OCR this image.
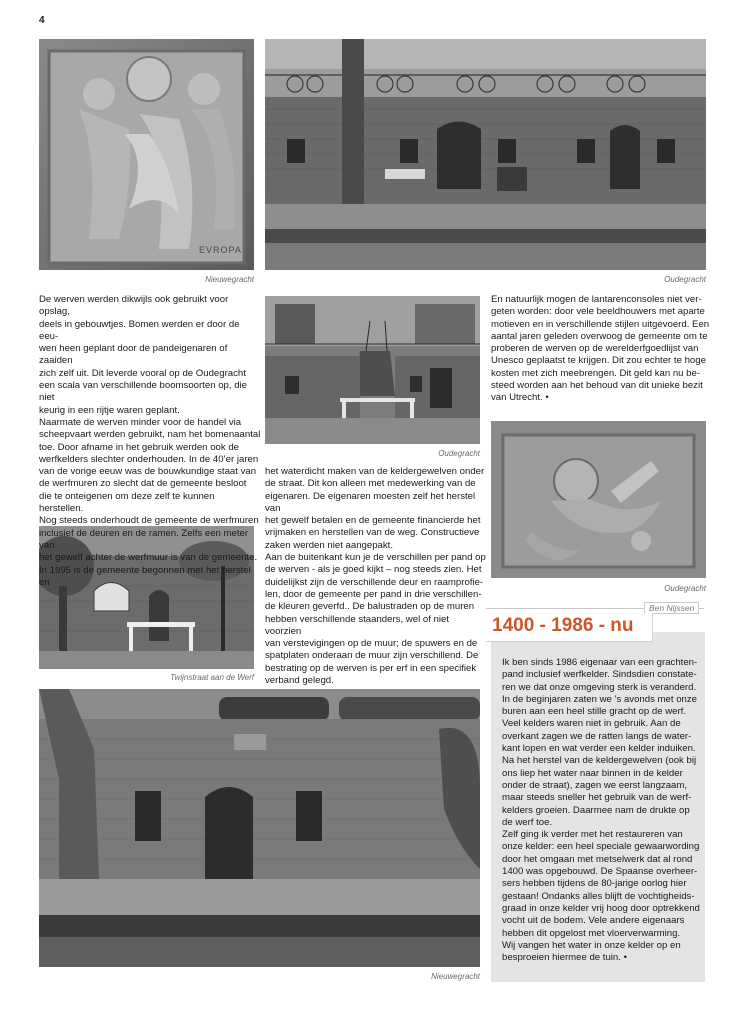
4
EVROPA
Nieuwegracht	Oudegracht
Oudegracht
Oudegracht
Twijnstraat aan de Werf
Nieuwegracht

De werven werden dikwijls ook gebruikt voor opslag,

deels in gebouwtjes. Bomen werden er door de eeu-

wen heen geplant door de pandeigenaren of zaaiden

zich zelf uit. Dit leverde vooral op de Oudegracht

een scala van verschillende boomsoorten op, die niet

keurig in een rijtje waren geplant.

Naarmate de werven minder voor de handel via

scheepvaart werden gebruikt, nam het bomenaantal

toe. Door afname in het gebruik werden ook de

werfkelders slechter onderhouden. In de 40’er jaren

van de vorige eeuw was de bouwkundige staat van

de werfmuren zo slecht dat de gemeente besloot

die te onteigenen om deze zelf te kunnen herstellen.

Nog steeds onderhoudt de gemeente de werfmuren

inclusief de deuren en de ramen. Zelfs een meter van

het gewelf achter de werfmuur is van de gemeente.

In 1995 is de gemeente begonnen met het herstel en

het waterdicht maken van de keldergewelven onder

de straat. Dit kon alleen met medewerking van de

eigenaren. De eigenaren moesten zelf het herstel van

het gewelf betalen en de gemeente financierde het

vrijmaken en herstellen van de weg. Constructieve

zaken werden niet aangepakt.

Aan de buitenkant kun je de verschillen per pand op

de werven - als je goed kijkt – nog steeds zien. Het

duidelijkst zijn de verschillende deur en raamprofie-

len, door de gemeente per pand in drie verschillen-

de kleuren geverfd.. De balustraden op de muren

hebben verschillende staanders, wel of niet voorzien

van verstevigingen op de muur; de spuwers en de

spatplaten onderaan de muur zijn verschillend. De

bestrating op de werven is per erf in een specifiek

verband gelegd.

En natuurlijk mogen de lantarenconsoles niet ver-

geten worden: door vele beeldhouwers met aparte

motieven en in verschillende stijlen uitgevoerd. Een

aantal jaren geleden overwoog de gemeente om te

proberen de werven op de werelderfgoedlijst van

Unesco geplaatst te krijgen. Dit zou echter te hoge

kosten met zich meebrengen. Dit geld kan nu be-

steed worden aan het behoud van dit unieke bezit

van Utrecht. •

Ben Nijssen
1400 - 1986 - nu

Ik ben sinds 1986 eigenaar van een grachten-

pand inclusief werfkelder. Sindsdien constate-

ren we dat onze omgeving sterk is veranderd.

In de beginjaren zaten we ’s avonds met onze

buren aan een heel stille gracht op de werf.

Veel kelders waren niet in gebruik. Aan de

overkant zagen we de ratten langs de water-

kant lopen en wat verder een kelder induiken.

Na het herstel van de keldergewelven (ook bij

ons liep het water naar binnen in de kelder

onder de straat), zagen we eerst langzaam,

maar steeds sneller het gebruik van de werf-

kelders groeien. Daarmee nam de drukte op

de werf toe.

Zelf ging ik verder met het restaureren van

onze kelder: een heel speciale gewaarwording

door het omgaan met metselwerk dat al rond

1400 was opgebouwd. De Spaanse overheer-

sers hebben tijdens de 80-jarige oorlog hier

gestaan! Ondanks alles blijft de vochtigheids-

graad in onze kelder vrij hoog door optrekkend

vocht uit de bodem. Vele andere eigenaars

hebben dit opgelost met vloerverwarming.

Wij vangen het water in onze kelder op en

besproeien hiermee de tuin. •
